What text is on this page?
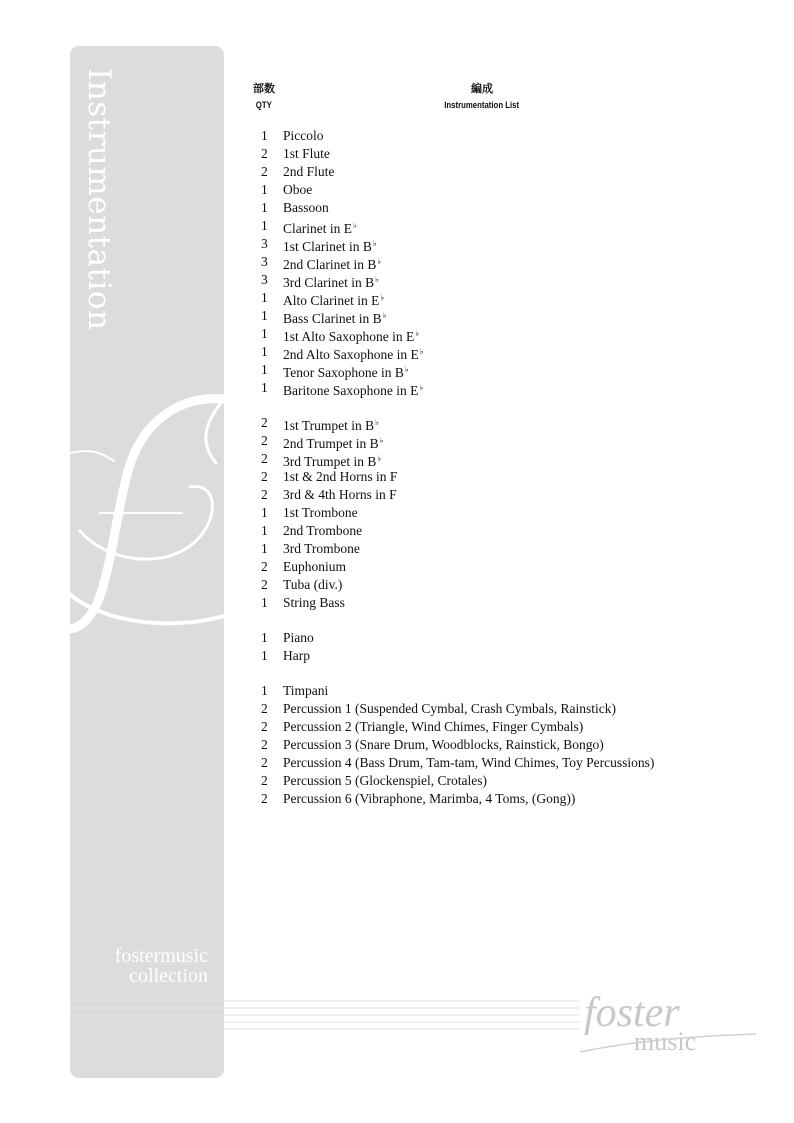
Instrumentation
fostermusic
collection
foster
music
部数
QTY
編成
Instrumentation List
1	Piccolo
2	1st Flute
2	2nd Flute
1	Oboe
1	Bassoon
1	Clarinet in E♭
3	1st Clarinet in B♭
3	2nd Clarinet in B♭
3	3rd Clarinet in B♭
1	Alto Clarinet in E♭
1	Bass Clarinet in B♭
1	1st Alto Saxophone in E♭
1	2nd Alto Saxophone in E♭
1	Tenor Saxophone in B♭
1	Baritone Saxophone in E♭
2	1st Trumpet in B♭
2	2nd Trumpet in B♭
2	3rd Trumpet in B♭
2	1st & 2nd Horns in F
2	3rd & 4th Horns in F
1	1st Trombone
1	2nd Trombone
1	3rd Trombone
2	Euphonium
2	Tuba (div.)
1	String Bass
1	Piano
1	Harp
1	Timpani
2	Percussion 1 (Suspended Cymbal, Crash Cymbals, Rainstick)
2	Percussion 2 (Triangle, Wind Chimes, Finger Cymbals)
2	Percussion 3 (Snare Drum, Woodblocks, Rainstick, Bongo)
2	Percussion 4 (Bass Drum, Tam-tam, Wind Chimes, Toy Percussions)
2	Percussion 5 (Glockenspiel, Crotales)
2	Percussion 6 (Vibraphone, Marimba, 4 Toms, (Gong))
